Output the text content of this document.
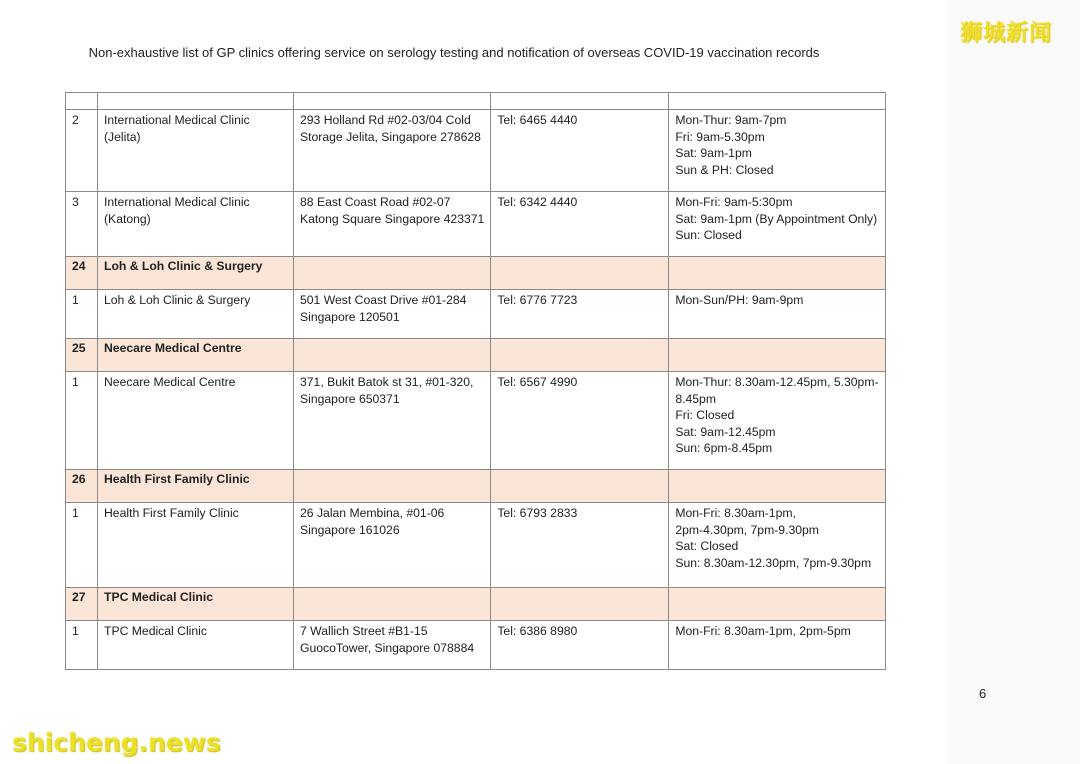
Non-exhaustive list of GP clinics offering service on serology testing and notification of overseas COVID-19 vaccination records

2	International Medical Clinic (Jelita)	293 Holland Rd #02-03/04 Cold
Storage Jelita, Singapore 278628	Tel: 6465 4440	Mon-Thur: 9am-7pm
Fri: 9am-5.30pm
Sat: 9am-1pm
Sun & PH: Closed

3	International Medical Clinic (Katong)	88 East Coast Road #02-07
Katong Square Singapore 423371	Tel: 6342 4440	Mon-Fri: 9am-5:30pm
Sat: 9am-1pm (By Appointment Only)
Sun: Closed

24	Loh & Loh Clinic & Surgery			
1	Loh & Loh Clinic & Surgery	501 West Coast Drive #01-284
Singapore 120501	Tel: 6776 7723	Mon-Sun/PH: 9am-9pm

25	Neecare Medical Centre			
1	Neecare Medical Centre	371, Bukit Batok st 31, #01-320,
Singapore 650371	Tel: 6567 4990	Mon-Thur: 8.30am-12.45pm, 5.30pm-
8.45pm
Fri: Closed
Sat: 9am-12.45pm
Sun: 6pm-8.45pm

26	Health First Family Clinic			
1	Health First Family Clinic	26 Jalan Membina, #01-06
Singapore 161026	Tel: 6793 2833	Mon-Fri: 8.30am-1pm,
2pm-4.30pm, 7pm-9.30pm
Sat: Closed
Sun: 8.30am-12.30pm, 7pm-9.30pm

27	TPC Medical Clinic			
1	TPC Medical Clinic	7 Wallich Street #B1-15
GuocoTower, Singapore 078884	Tel: 6386 8980	Mon-Fri: 8.30am-1pm, 2pm-5pm
6
狮城新闻
shicheng.news
